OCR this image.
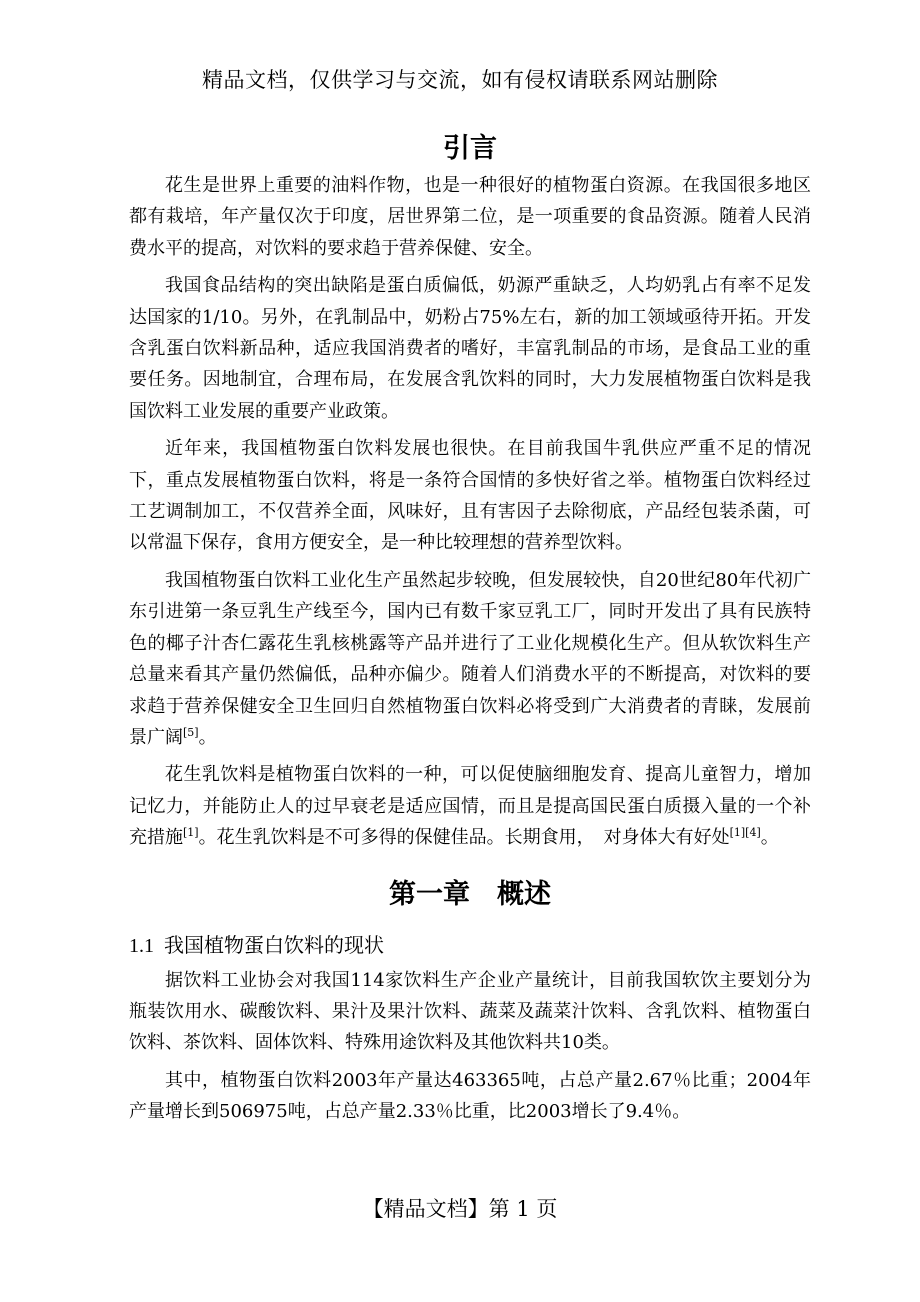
精品文档，仅供学习与交流，如有侵权请联系网站删除
引言

花生是世界上重要的油料作物，也是一种很好的植物蛋白资源。在我国很多地区都有栽培，年产量仅次于印度，居世界第二位，是一项重要的食品资源。随着人民消费水平的提高，对饮料的要求趋于营养保健、安全。

我国食品结构的突出缺陷是蛋白质偏低，奶源严重缺乏，人均奶乳占有率不足发达国家的1/10。另外，在乳制品中，奶粉占75%左右，新的加工领域亟待开拓。开发含乳蛋白饮料新品种，适应我国消费者的嗜好，丰富乳制品的市场，是食品工业的重要任务。因地制宜，合理布局，在发展含乳饮料的同时，大力发展植物蛋白饮料是我国饮料工业发展的重要产业政策。

近年来，我国植物蛋白饮料发展也很快。在目前我国牛乳供应严重不足的情况下，重点发展植物蛋白饮料，将是一条符合国情的多快好省之举。植物蛋白饮料经过工艺调制加工，不仅营养全面，风味好，且有害因子去除彻底，产品经包装杀菌，可以常温下保存，食用方便安全，是一种比较理想的营养型饮料。

我国植物蛋白饮料工业化生产虽然起步较晚，但发展较快，自20世纪80年代初广东引进第一条豆乳生产线至今，国内已有数千家豆乳工厂，同时开发出了具有民族特色的椰子汁杏仁露花生乳核桃露等产品并进行了工业化规模化生产。但从软饮料生产总量来看其产量仍然偏低，品种亦偏少。随着人们消费水平的不断提高，对饮料的要求趋于营养保健安全卫生回归自然植物蛋白饮料必将受到广大消费者的青睐，发展前景广阔[5]。

花生乳饮料是植物蛋白饮料的一种，可以促使脑细胞发育、提高儿童智力，增加记忆力，并能防止人的过早衰老是适应国情，而且是提高国民蛋白质摄入量的一个补充措施[1]。花生乳饮料是不可多得的保健佳品。长期食用，　对身体大有好处[1][4]。

第一章　概述
1.1 我国植物蛋白饮料的现状

据饮料工业协会对我国114家饮料生产企业产量统计，目前我国软饮主要划分为瓶装饮用水、碳酸饮料、果汁及果汁饮料、蔬菜及蔬菜汁饮料、含乳饮料、植物蛋白饮料、茶饮料、固体饮料、特殊用途饮料及其他饮料共10类。

其中，植物蛋白饮料2003年产量达463365吨，占总产量2.67％比重；2004年产量增长到506975吨，占总产量2.33％比重，比2003增长了9.4％。

【精品文档】第 1 页
